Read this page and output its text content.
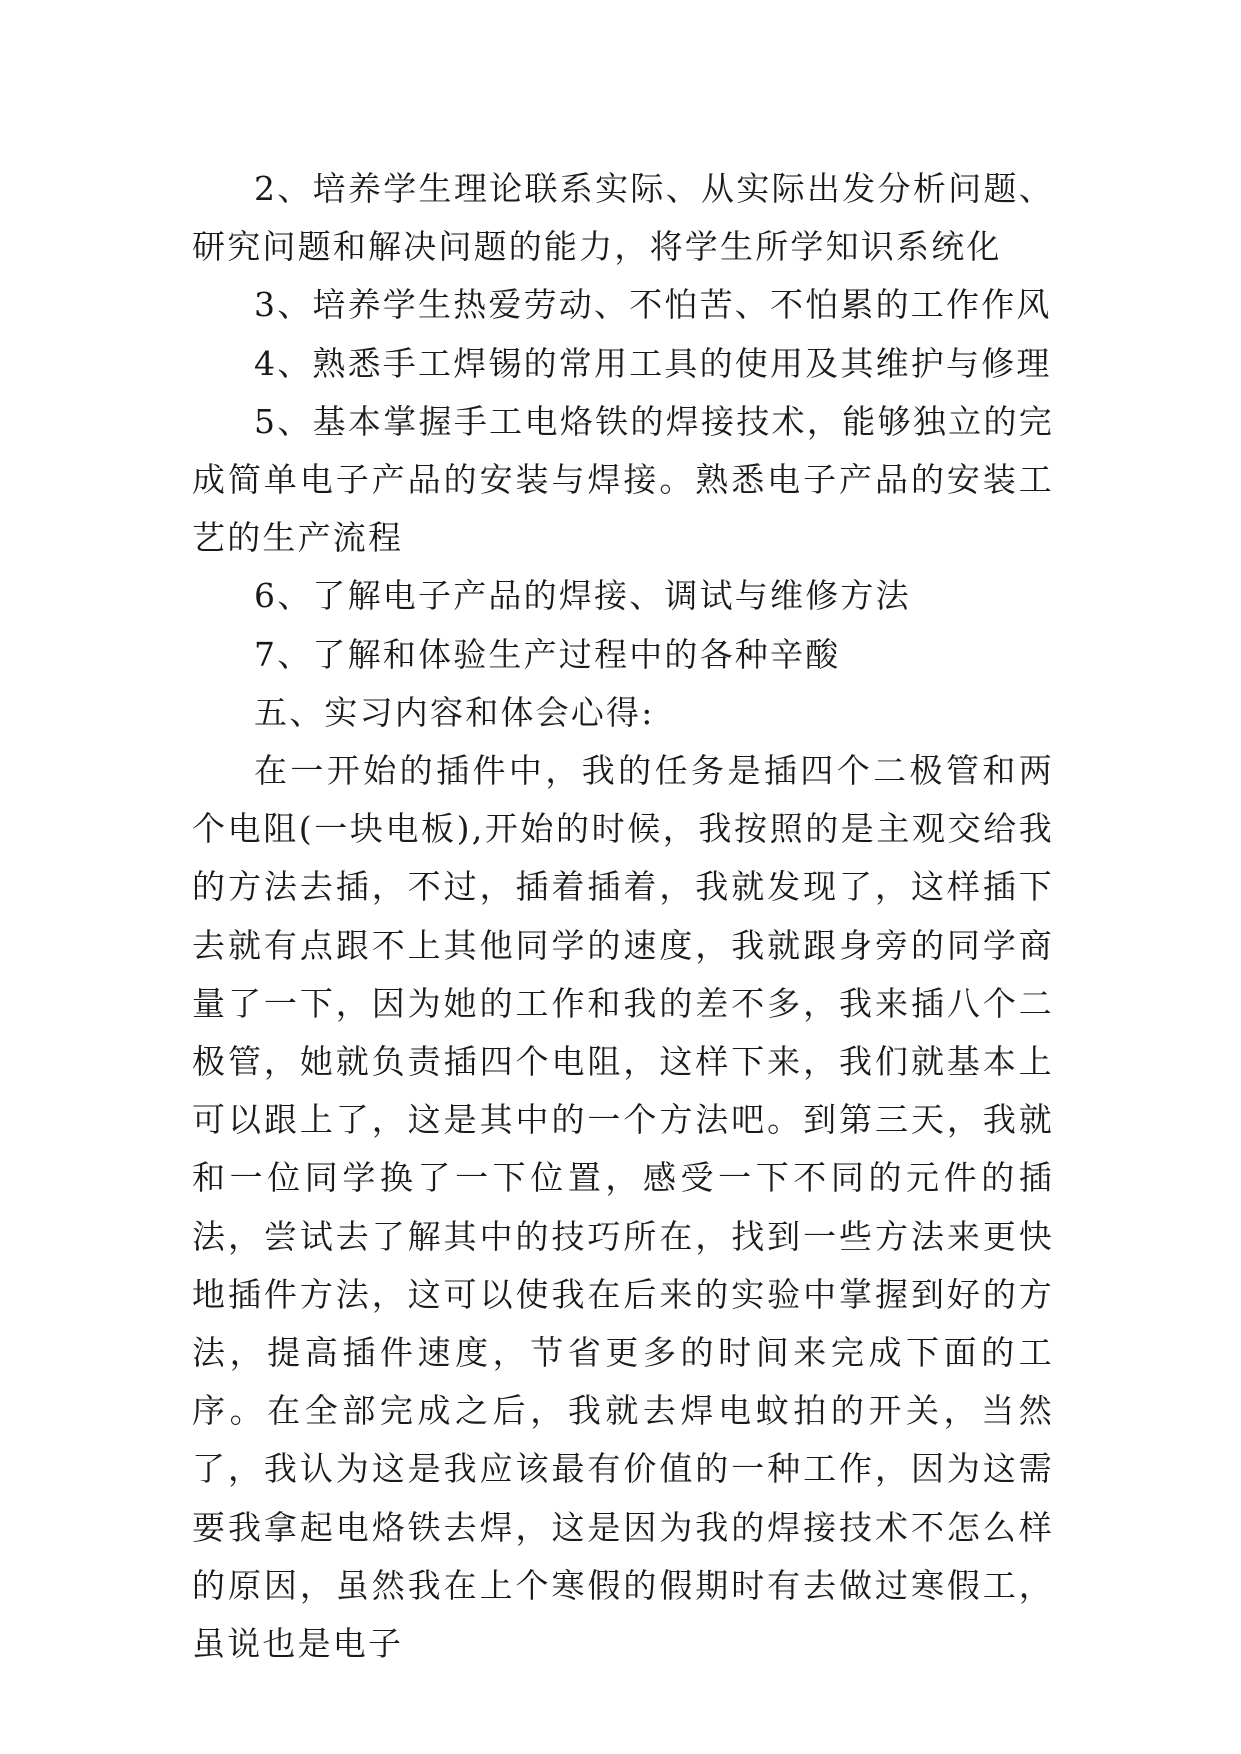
2、培养学生理论联系实际、从实际出发分析问题、研究问题和解决问题的能力，将学生所学知识系统化

3、培养学生热爱劳动、不怕苦、不怕累的工作作风

4、熟悉手工焊锡的常用工具的使用及其维护与修理

5、基本掌握手工电烙铁的焊接技术，能够独立的完成简单电子产品的安装与焊接。熟悉电子产品的安装工艺的生产流程

6、了解电子产品的焊接、调试与维修方法

7、了解和体验生产过程中的各种辛酸

五、实习内容和体会心得:

在一开始的插件中，我的任务是插四个二极管和两个电阻(一块电板),开始的时候，我按照的是主观交给我的方法去插，不过，插着插着，我就发现了，这样插下去就有点跟不上其他同学的速度，我就跟身旁的同学商量了一下，因为她的工作和我的差不多，我来插八个二极管，她就负责插四个电阻，这样下来，我们就基本上可以跟上了，这是其中的一个方法吧。到第三天，我就和一位同学换了一下位置，感受一下不同的元件的插法，尝试去了解其中的技巧所在，找到一些方法来更快地插件方法，这可以使我在后来的实验中掌握到好的方法，提高插件速度，节省更多的时间来完成下面的工序。在全部完成之后，我就去焊电蚊拍的开关，当然了，我认为这是我应该最有价值的一种工作，因为这需要我拿起电烙铁去焊，这是因为我的焊接技术不怎么样的原因，虽然我在上个寒假的假期时有去做过寒假工，虽说也是电子
